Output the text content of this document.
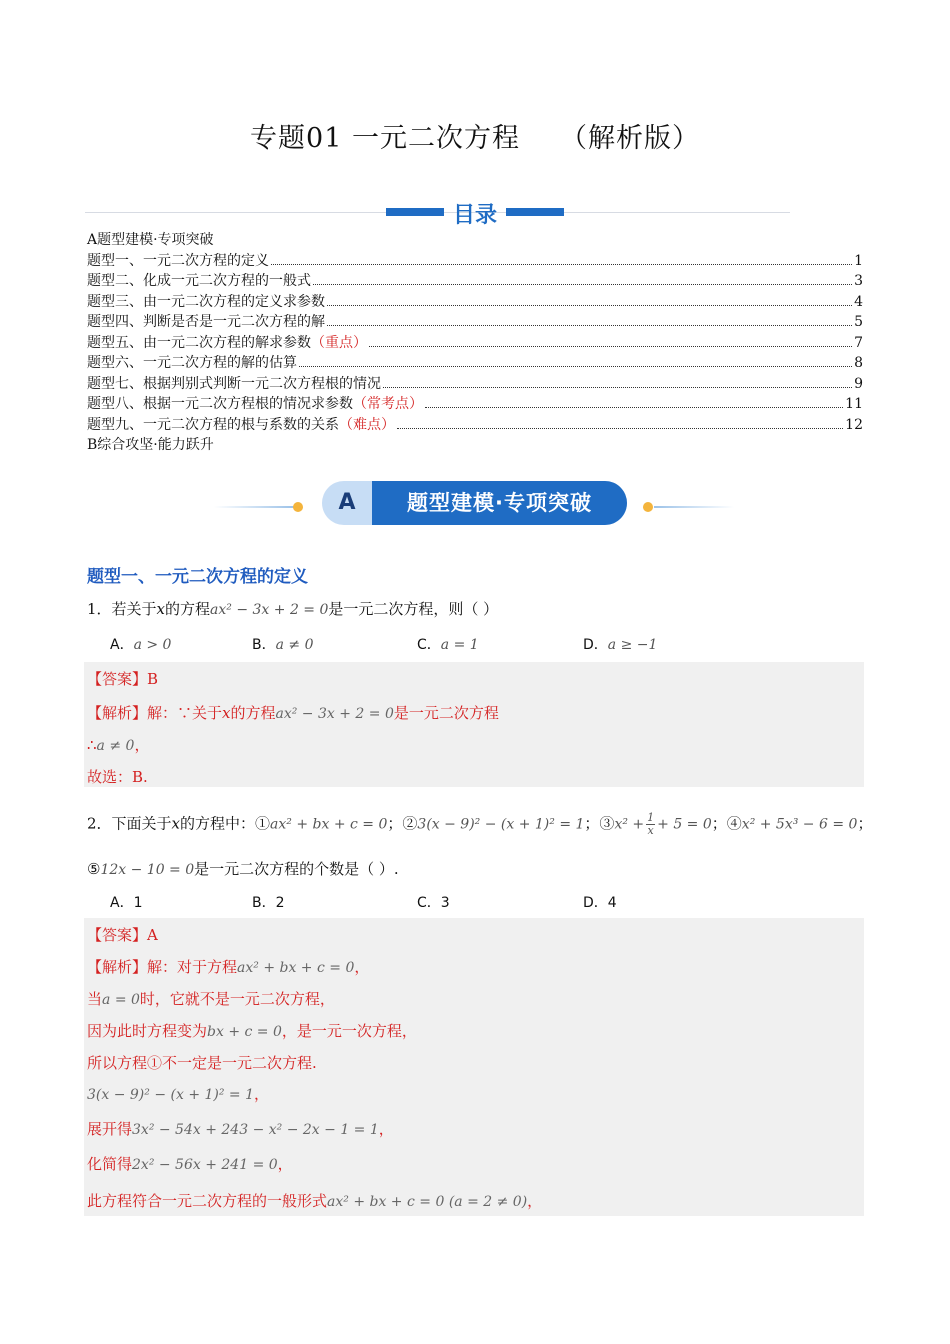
专题01 一元二次方程 （解析版）
目录
A题型建模·专项突破
题型一、一元二次方程的定义	1
题型二、化成一元二次方程的一般式	3
题型三、由一元二次方程的定义求参数	4
题型四、判断是否是一元二次方程的解	5
题型五、由一元二次方程的解求参数 （重点）	7
题型六、一元二次方程的解的估算	8
题型七、根据判别式判断一元二次方程根的情况	9
题型八、根据一元二次方程根的情况求参数 （常考点）	11
题型九、一元二次方程的根与系数的关系 （难点）	12
B综合攻坚·能力跃升
A	题型建模·专项突破
题型一、一元二次方程的定义
1．若关于x的方程ax² − 3x + 2 = 0是一元二次方程，则（ ）
A．a > 0	B．a ≠ 0	C．a = 1	D．a ≥ −1
【答案】B
【解析】解：∵关于x的方程ax² − 3x + 2 = 0是一元二次方程
∴a ≠ 0，
故选：B.
2．下面关于x的方程中：①ax² + bx + c = 0；②3(x − 9)² − (x + 1)² = 1；③x² + $\frac{1}{x} + 5 = 0$；④x² + 5x³ − 6 = 0；
⑤12x − 10 = 0是一元二次方程的个数是（ ）.
A．1	B．2	C．3	D．4
【答案】A
【解析】解：对于方程ax² + bx + c = 0，
当a = 0时，它就不是一元二次方程，
因为此时方程变为bx + c = 0，是一元一次方程，
所以方程①不一定是一元二次方程.
3(x − 9)² − (x + 1)² = 1，
展开得3x² − 54x + 243 − x² − 2x − 1 = 1，
化简得2x² − 56x + 241 = 0，
此方程符合一元二次方程的一般形式ax² + bx + c = 0 (a = 2 ≠ 0)，
